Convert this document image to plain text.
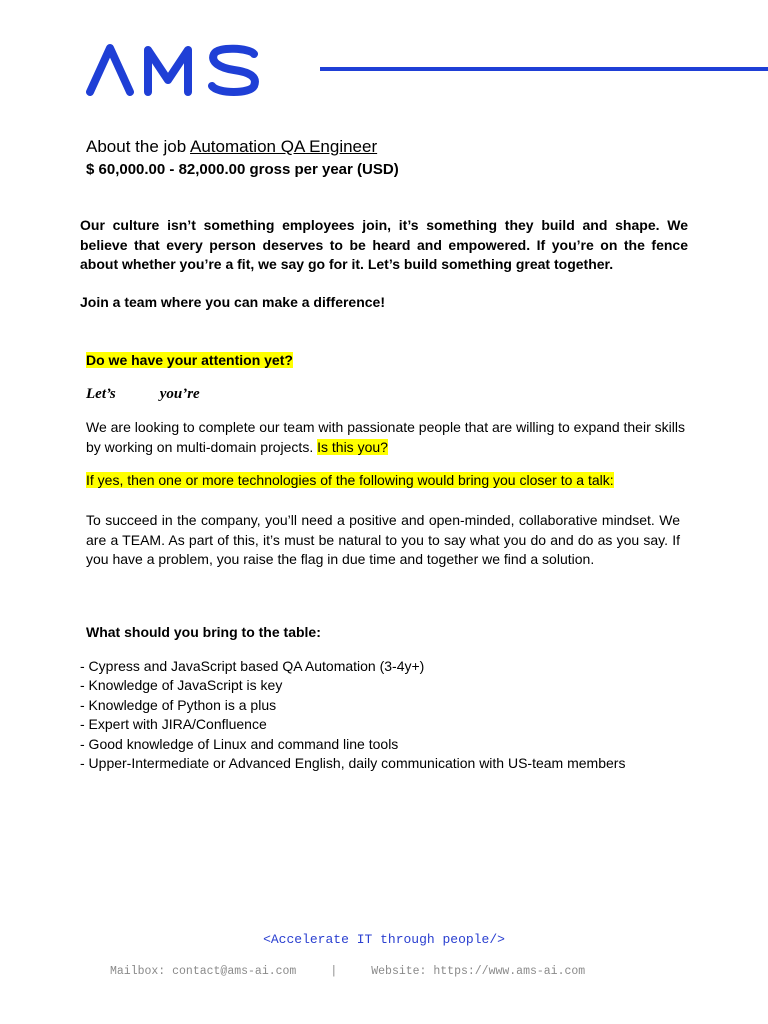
About the job Automation QA Engineer
$ 60,000.00 - 82,000.00 gross per year (USD)

Our culture isn’t something employees join, it’s something they build and shape. We believe that every person deserves to be heard and empowered. If you’re on the fence about whether you’re a fit, we say go for it. Let’s build something great together.

Join a team where you can make a difference!

Do we have your attention yet?

Let’s	you’re

We are looking to complete our team with passionate people that are willing to expand their skills by working on multi-domain projects. Is this you?

If yes, then one or more technologies of the following would bring you closer to a talk:

To succeed in the company, you’ll need a positive and open-minded, collaborative mindset. We are a TEAM. As part of this, it’s must be natural to you to say what you do and do as you say. If you have a problem, you raise the flag in due time and together we find a solution.

What should you bring to the table:

- Cypress and JavaScript based QA Automation (3-4y+)
- Knowledge of JavaScript is key
- Knowledge of Python is a plus
- Expert with JIRA/Confluence
- Good knowledge of Linux and command line tools
- Upper-Intermediate or Advanced English, daily communication with US-team members

<Accelerate IT through people/>

Mailbox: contact@ams-ai.com	|	Website: https://www.ams-ai.com
